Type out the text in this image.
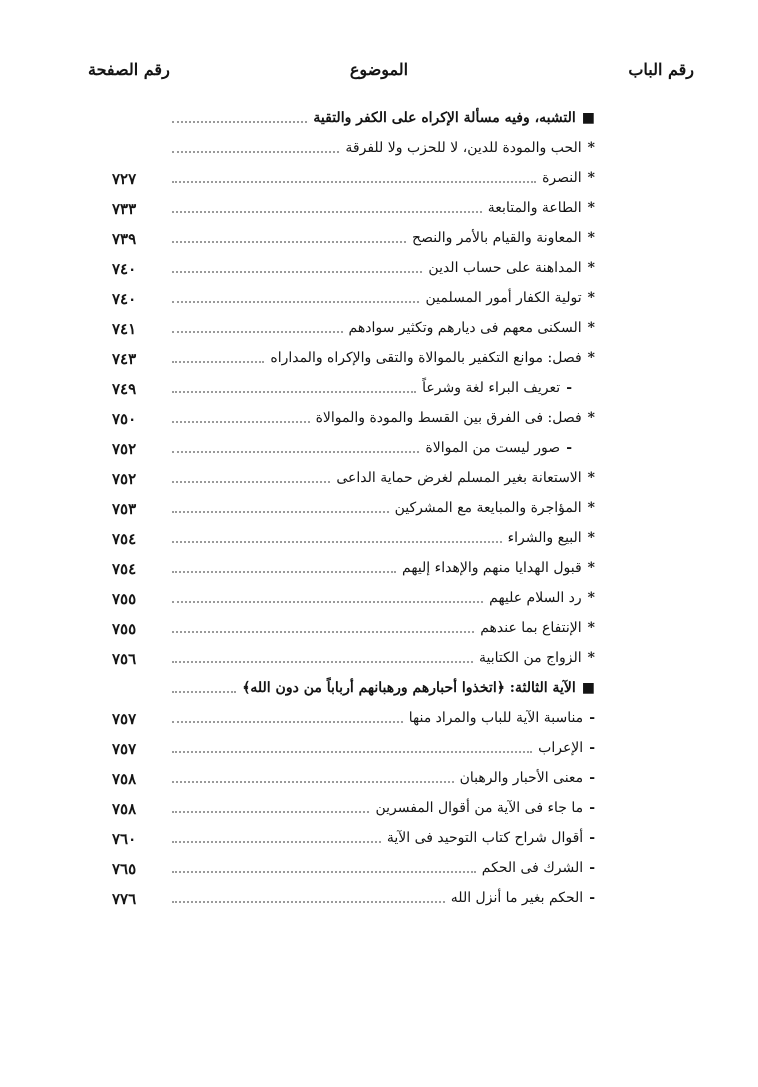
رقم الباب
الموضوع
رقم الصفحة
■التشبه، وفيه مسألة الإكراه على الكفر والتقية
*الحب والمودة للدين، لا للحزب ولا للفرقة
*النصرة
٧٢٧
*الطاعة والمتابعة
٧٣٣
*المعاونة والقيام بالأمر والنصح
٧٣٩
*المداهنة على حساب الدين
٧٤٠
*تولية الكفار أمور المسلمين
٧٤٠
*السكنى معهم فى ديارهم وتكثير سوادهم
٧٤١
*فصل: موانع التكفير بالموالاة والتقى والإكراه والمداراه
٧٤٣
-تعريف البراء لغة وشرعاً
٧٤٩
*فصل: فى الفرق بين القسط والمودة والموالاة
٧٥٠
-صور ليست من الموالاة
٧٥٢
*الاستعانة بغير المسلم لغرض حماية الداعى
٧٥٢
*المؤاجرة والمبايعة مع المشركين
٧٥٣
*البيع والشراء
٧٥٤
*قبول الهدايا منهم والإهداء إليهم
٧٥٤
*رد السلام عليهم
٧٥٥
*الإنتفاع بما عندهم
٧٥٥
*الزواج من الكتابية
٧٥٦
■الآية الثالثة: ﴿اتخذوا أحبارهم ورهبانهم أرباباً من دون الله﴾
-مناسبة الآية للباب والمراد منها
٧٥٧
-الإعراب
٧٥٧
-معنى الأحبار والرهبان
٧٥٨
-ما جاء فى الآية من أقوال المفسرين
٧٥٨
-أقوال شراح كتاب التوحيد فى الآية
٧٦٠
-الشرك فى الحكم
٧٦٥
-الحكم بغير ما أنزل الله
٧٧٦
